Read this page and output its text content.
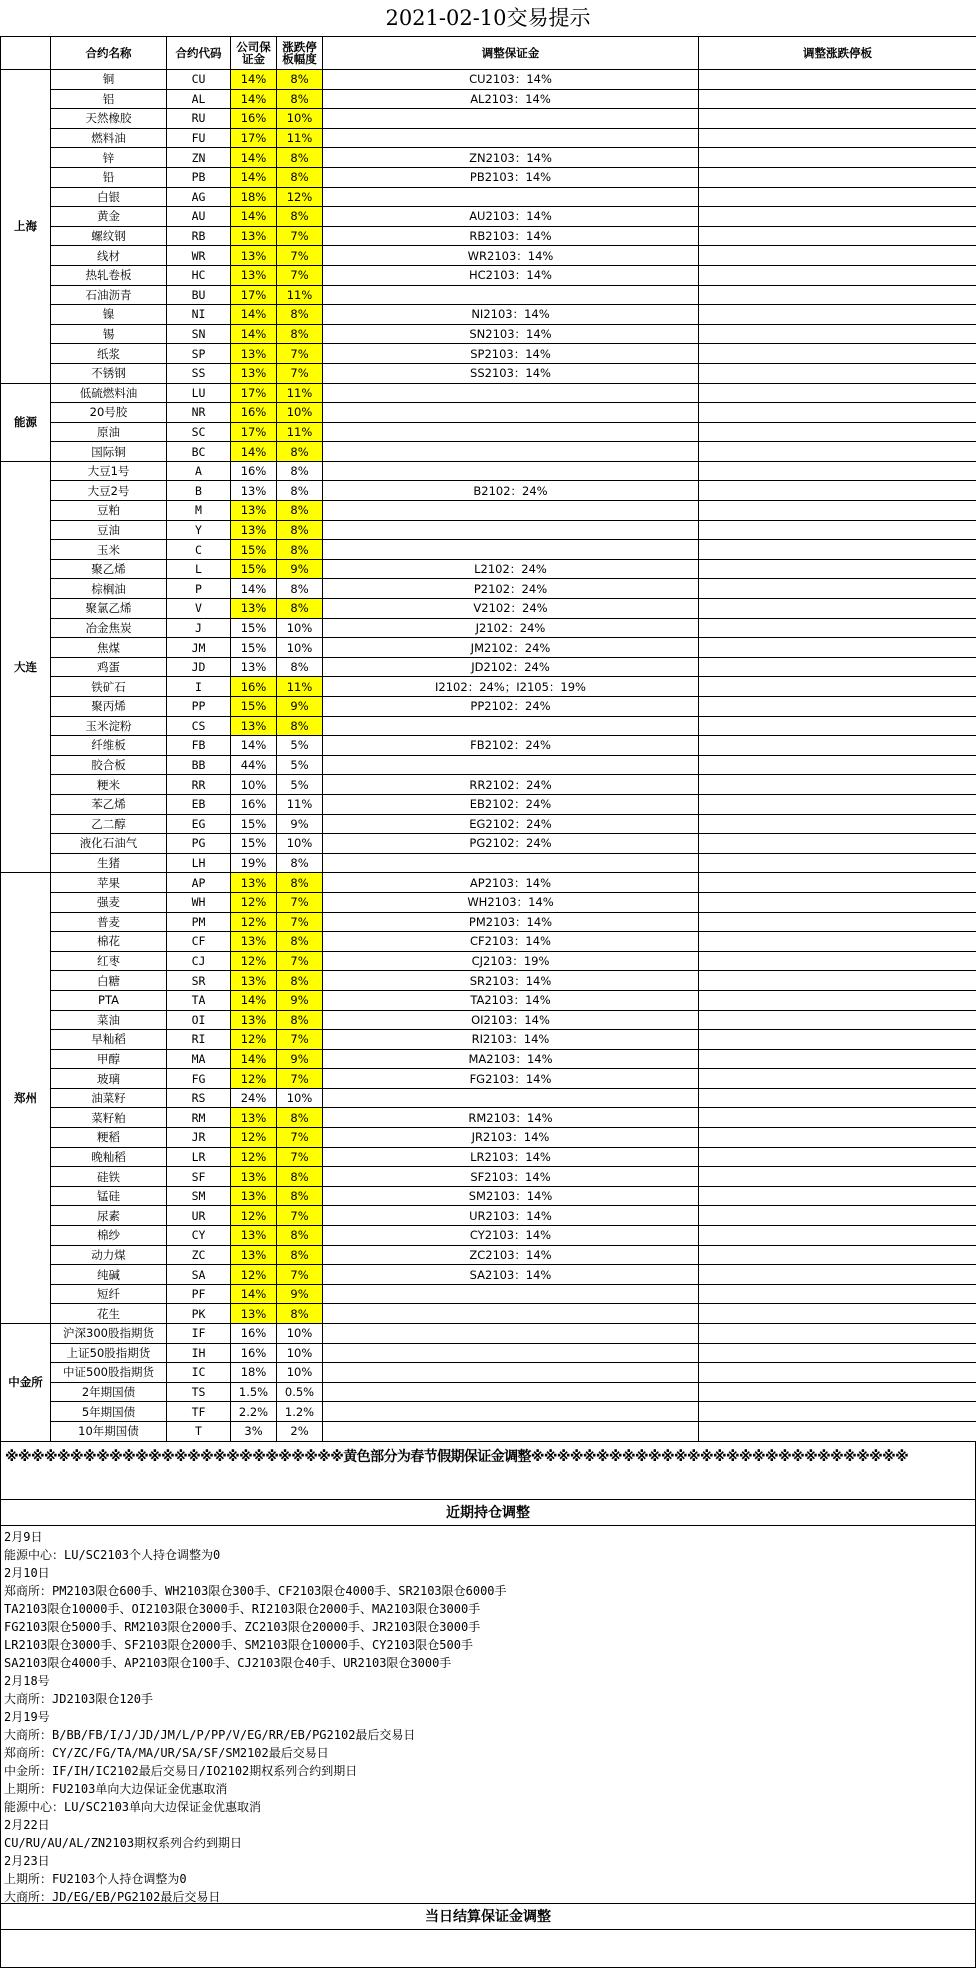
2021-02-10交易提示
	合约名称	合约代码	公司保证金	涨跌停板幅度	调整保证金	调整涨跌停板
上海	铜	CU	14%	8%	CU2103：14%	
	铝	AL	14%	8%	AL2103：14%	
	天然橡胶	RU	16%	10%		
	燃料油	FU	17%	11%		
	锌	ZN	14%	8%	ZN2103：14%	
	铅	PB	14%	8%	PB2103：14%	
	白银	AG	18%	12%		
	黄金	AU	14%	8%	AU2103：14%	
	螺纹钢	RB	13%	7%	RB2103：14%	
	线材	WR	13%	7%	WR2103：14%	
	热轧卷板	HC	13%	7%	HC2103：14%	
	石油沥青	BU	17%	11%		
	镍	NI	14%	8%	NI2103：14%	
	锡	SN	14%	8%	SN2103：14%	
	纸浆	SP	13%	7%	SP2103：14%	
	不锈钢	SS	13%	7%	SS2103：14%	
能源	低硫燃料油	LU	17%	11%		
	20号胶	NR	16%	10%		
	原油	SC	17%	11%		
	国际铜	BC	14%	8%		
大连	大豆1号	A	16%	8%		
	大豆2号	B	13%	8%	B2102：24%	
	豆粕	M	13%	8%		
	豆油	Y	13%	8%		
	玉米	C	15%	8%		
	聚乙烯	L	15%	9%	L2102：24%	
	棕榈油	P	14%	8%	P2102：24%	
	聚氯乙烯	V	13%	8%	V2102：24%	
	冶金焦炭	J	15%	10%	J2102：24%	
	焦煤	JM	15%	10%	JM2102：24%	
	鸡蛋	JD	13%	8%	JD2102：24%	
	铁矿石	I	16%	11%	I2102：24%；I2105：19%	
	聚丙烯	PP	15%	9%	PP2102：24%	
	玉米淀粉	CS	13%	8%		
	纤维板	FB	14%	5%	FB2102：24%	
	胶合板	BB	44%	5%		
	粳米	RR	10%	5%	RR2102：24%	
	苯乙烯	EB	16%	11%	EB2102：24%	
	乙二醇	EG	15%	9%	EG2102：24%	
	液化石油气	PG	15%	10%	PG2102：24%	
	生猪	LH	19%	8%		
郑州	苹果	AP	13%	8%	AP2103：14%	
	强麦	WH	12%	7%	WH2103：14%	
	普麦	PM	12%	7%	PM2103：14%	
	棉花	CF	13%	8%	CF2103：14%	
	红枣	CJ	12%	7%	CJ2103：19%	
	白糖	SR	13%	8%	SR2103：14%	
	PTA	TA	14%	9%	TA2103：14%	
	菜油	OI	13%	8%	OI2103：14%	
	早籼稻	RI	12%	7%	RI2103：14%	
	甲醇	MA	14%	9%	MA2103：14%	
	玻璃	FG	12%	7%	FG2103：14%	
	油菜籽	RS	24%	10%		
	菜籽粕	RM	13%	8%	RM2103：14%	
	粳稻	JR	12%	7%	JR2103：14%	
	晚籼稻	LR	12%	7%	LR2103：14%	
	硅铁	SF	13%	8%	SF2103：14%	
	锰硅	SM	13%	8%	SM2103：14%	
	尿素	UR	12%	7%	UR2103：14%	
	棉纱	CY	13%	8%	CY2103：14%	
	动力煤	ZC	13%	8%	ZC2103：14%	
	纯碱	SA	12%	7%	SA2103：14%	
	短纤	PF	14%	9%		
	花生	PK	13%	8%		
中金所	沪深300股指期货	IF	16%	10%		
	上证50股指期货	IH	16%	10%		
	中证500股指期货	IC	18%	10%		
	2年期国债	TS	1.5%	0.5%		
	5年期国债	TF	2.2%	1.2%		
	10年期国债	T	3%	2%		
※※※※※※※※※※※※※※※※※※※※※※※※※※黄色部分为春节假期保证金调整※※※※※※※※※※※※※※※※※※※※※※※※※※※※※
近期持仓调整
2月9日
能源中心：LU/SC2103个人持仓调整为0
2月10日
郑商所：PM2103限仓600手、WH2103限仓300手、CF2103限仓4000手、SR2103限仓6000手
TA2103限仓10000手、OI2103限仓3000手、RI2103限仓2000手、MA2103限仓3000手
FG2103限仓5000手、RM2103限仓2000手、ZC2103限仓20000手、JR2103限仓3000手
LR2103限仓3000手、SF2103限仓2000手、SM2103限仓10000手、CY2103限仓500手
SA2103限仓4000手、AP2103限仓100手、CJ2103限仓40手、UR2103限仓3000手
2月18号
大商所：JD2103限仓120手
2月19号
大商所：B/BB/FB/I/J/JD/JM/L/P/PP/V/EG/RR/EB/PG2102最后交易日
郑商所：CY/ZC/FG/TA/MA/UR/SA/SF/SM2102最后交易日
中金所：IF/IH/IC2102最后交易日/IO2102期权系列合约到期日
上期所：FU2103单向大边保证金优惠取消
能源中心：LU/SC2103单向大边保证金优惠取消
2月22日
CU/RU/AU/AL/ZN2103期权系列合约到期日
2月23日
上期所：FU2103个人持仓调整为0
大商所：JD/EG/EB/PG2102最后交易日
当日结算保证金调整
